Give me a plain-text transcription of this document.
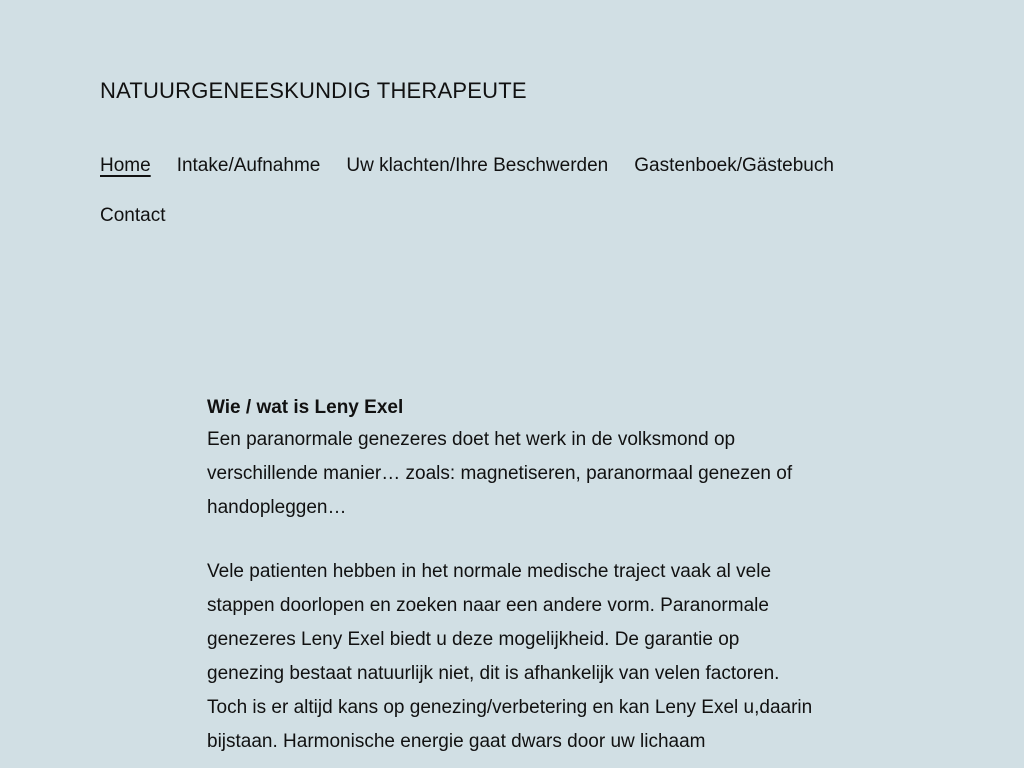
NATUURGENEESKUNDIG THERAPEUTE
Home Intake/Aufnahme Uw klachten/Ihre Beschwerden Gastenboek/Gästebuch
Contact
Wie / wat is Leny Exel

Een paranormale genezeres doet het werk in de volksmond op verschillende manier… zoals: magnetiseren, paranormaal genezen of handopleggen…

Vele patienten hebben in het normale medische traject vaak al vele stappen doorlopen en zoeken naar een andere vorm. Paranormale genezeres Leny Exel biedt u deze mogelijkheid. De garantie op genezing bestaat natuurlijk niet, dit is afhankelijk van velen factoren. Toch is er altijd kans op genezing/verbetering en kan Leny Exel u,daarin bijstaan. Harmonische energie gaat dwars door uw lichaam
